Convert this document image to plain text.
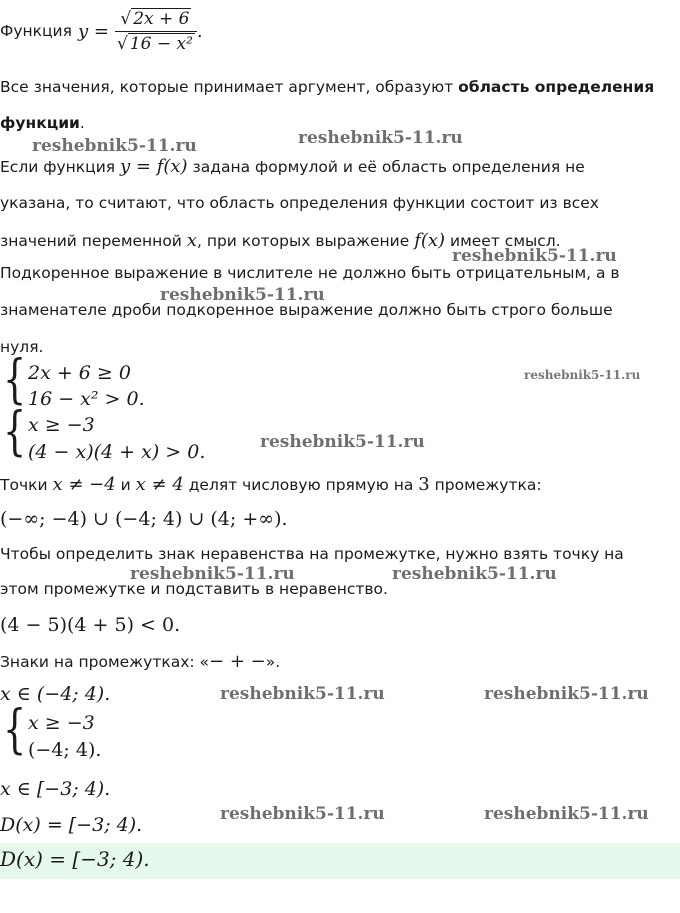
Функция $y = \frac{√ 2x + 6}{\text{√ 16 − x²}}$ .
Все значения, которые принимает аргумент, образуют область определения
функции.
Если функция y = f(x) задана формулой и её область определения не
указана, то считают, что область определения функции состоит из всех
значений переменной x, при которых выражение f(x) имеет смысл.
Подкоренное выражение в числителе не должно быть отрицательным, а в
знаменателе дроби подкоренное выражение должно быть строго больше
нуля.
{ 2x + 6 ≥ 0
16 − x² > 0.
{ x ≥ −3
(4 − x)(4 + x) > 0.
Точки x ≠ −4 и x ≠ 4 делят числовую прямую на 3 промежутка:
(−∞; −4) ∪ (−4; 4) ∪ (4; +∞).
Чтобы определить знак неравенства на промежутке, нужно взять точку на
этом промежутке и подставить в неравенство.
(4 − 5)(4 + 5) < 0.
Знаки на промежутках: «− + −».
x ∈ (−4; 4).
{ x ≥ −3
(−4; 4).
x ∈ [−3; 4).
D(x) = [−3; 4).
D(x) = [−3; 4).
reshebnik5-11.ru	reshebnik5-11.ru
reshebnik5-11.ru
reshebnik5-11.ru
reshebnik5-11.ru
reshebnik5-11.ru
reshebnik5-11.ru	reshebnik5-11.ru
reshebnik5-11.ru	reshebnik5-11.ru
reshebnik5-11.ru	reshebnik5-11.ru
